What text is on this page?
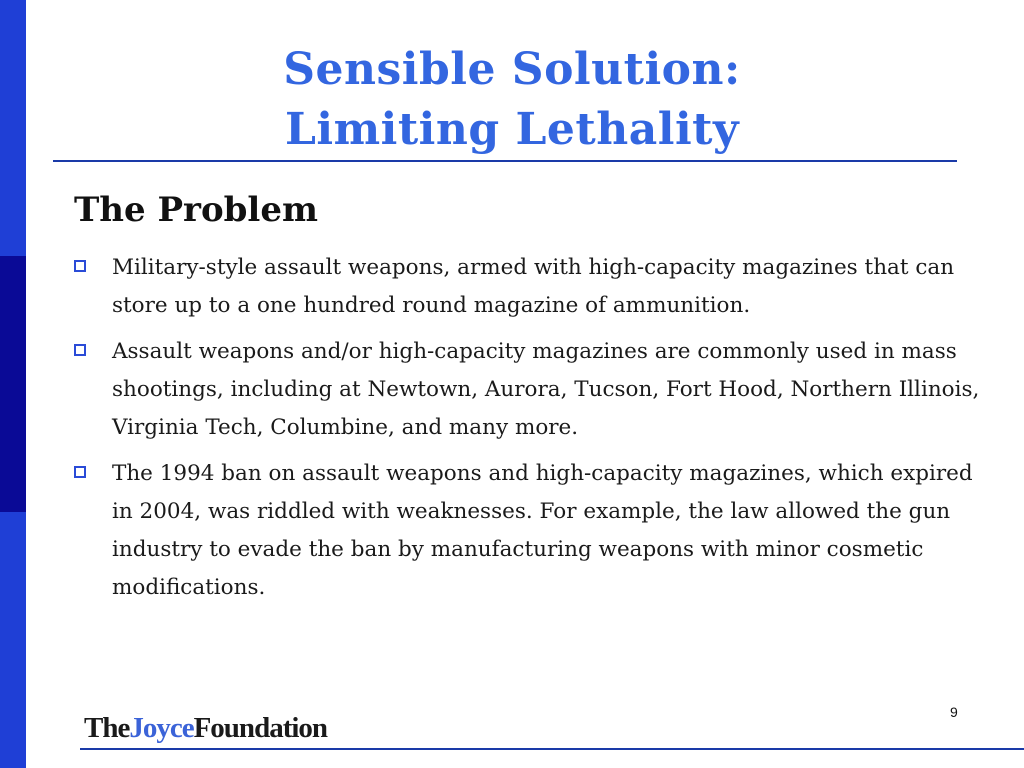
Sensible Solution:
Limiting Lethality
The Problem
Military-style assault weapons, armed with high-capacity magazines that can store up to a one hundred round magazine of ammunition.
Assault weapons and/or high-capacity magazines are commonly used in mass shootings, including at Newtown, Aurora, Tucson, Fort Hood, Northern Illinois, Virginia Tech, Columbine, and many more.
The 1994 ban on assault weapons and high-capacity magazines, which expired in 2004, was riddled with weaknesses. For example, the law allowed the gun industry to evade the ban by manufacturing weapons with minor cosmetic modifications.
9
TheJoyceFoundation
